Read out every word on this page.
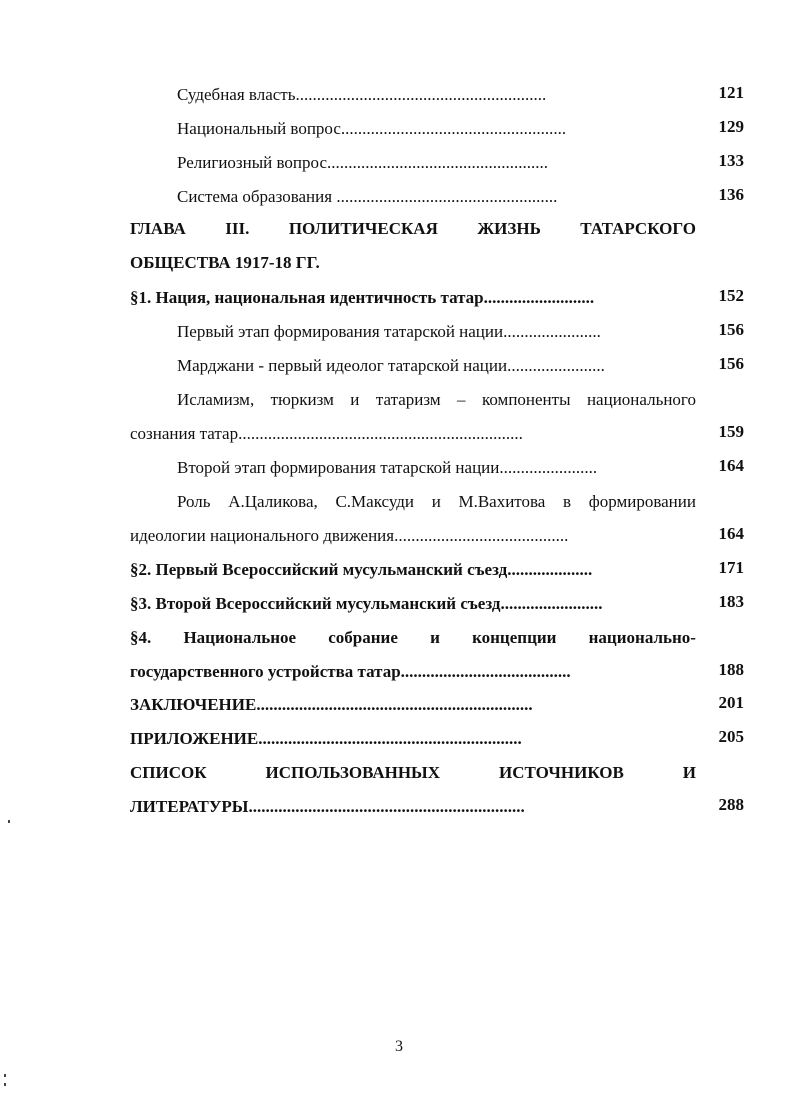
Судебная власть...........................................................	121
Национальный вопрос.....................................................	129
Религиозный вопрос....................................................	133
Система образования ....................................................	136
ГЛАВА III. ПОЛИТИЧЕСКАЯ ЖИЗНЬ ТАТАРСКОГО
ОБЩЕСТВА 1917-18 ГГ.
§1. Нация, национальная идентичность татар..........................	152
Первый этап формирования татарской нации.......................	156
Марджани - первый идеолог татарской нации.......................	156
Исламизм, тюркизм и татаризм – компоненты национального
сознания татар...................................................................	159
Второй этап формирования татарской нации.......................	164
Роль А.Цаликова, С.Максуди и М.Вахитова в формировании
идеологии национального движения.........................................	164
§2. Первый Всероссийский мусульманский съезд....................	171
§3. Второй Всероссийский мусульманский съезд........................	183
§4. Национальное собрание и концепции национально-
государственного устройства татар........................................	188
ЗАКЛЮЧЕНИЕ.................................................................	201
ПРИЛОЖЕНИЕ..............................................................	205
СПИСОК	ИСПОЛЬЗОВАННЫХ	ИСТОЧНИКОВ	И
ЛИТЕРАТУРЫ.................................................................	288
3
